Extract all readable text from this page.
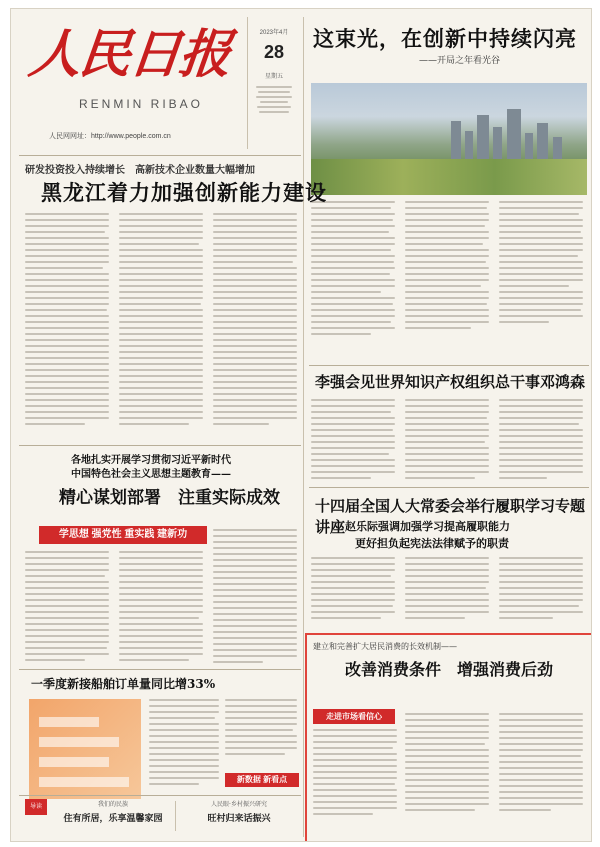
人民日报
RENMIN RIBAO
人民网网址：http://www.people.com.cn
2023年4月
28
星期五
这束光，在创新中持续闪亮
——开局之年看光谷
李强会见世界知识产权组织总干事邓鸿森
十四届全国人大常委会举行履职学习专题讲座 赵乐际强调加强学习提高履职能力
更好担负起宪法法律赋予的职责
建立和完善扩大居民消费的长效机制——
改善消费条件　增强消费后劲
走进市场看信心
研发投资投入持续增长　高新技术企业数量大幅增加
黑龙江着力加强创新能力建设
各地扎实开展学习贯彻习近平新时代
中国特色社会主义思想主题教育——
精心谋划部署　注重实际成效
学思想 强党性 重实践 建新功
一季度新接船舶订单量同比增33%
新数据 新看点
导读	我们的民族
住有所居，乐享温馨家园
人民眼·乡村振兴研究
旺村归来话振兴
